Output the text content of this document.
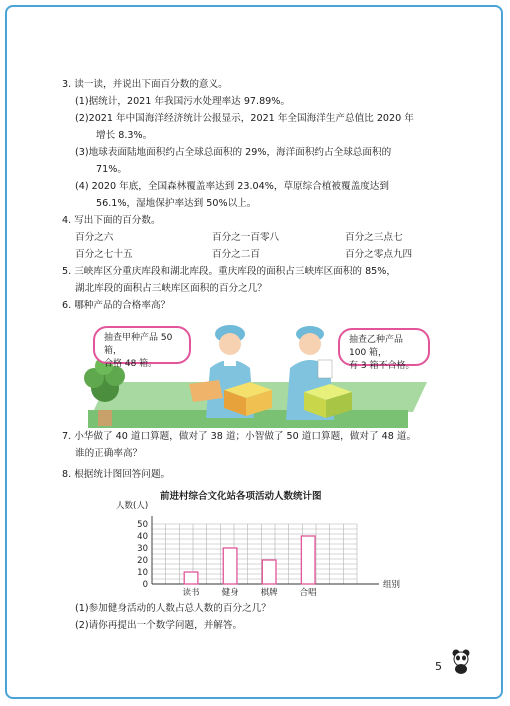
3. 读一读，并说出下面百分数的意义。
(1)据统计，2021 年我国污水处理率达 97.89%。
(2)2021 年中国海洋经济统计公报显示，2021 年全国海洋生产总值比 2020 年
增长 8.3%。
(3)地球表面陆地面积约占全球总面积的 29%，海洋面积约占全球总面积的
71%。
(4) 2020 年底，全国森林覆盖率达到 23.04%，草原综合植被覆盖度达到
56.1%，湿地保护率达到 50%以上。
4. 写出下面的百分数。
百分之六	百分之一百零八	百分之三点七
百分之七十五	百分之二百	百分之零点九四
5. 三峡库区分重庆库段和湖北库段。重庆库段的面积占三峡库区面积的 85%，
湖北库段的面积占三峡库区面积的百分之几？
6. 哪种产品的合格率高？
抽查甲种产品 50 箱，
合格 48 箱。
抽查乙种产品 100 箱，
有 3 箱不合格。
7. 小华做了 40 道口算题，做对了 38 道；小智做了 50 道口算题，做对了 48 道。
谁的正确率高？
8. 根据统计图回答问题。
前进村综合文化站各项活动人数统计图
0
10
20
30
40
50
人数(人)
组别
读书	健身	棋牌	合唱
(1)参加健身活动的人数占总人数的百分之几？
(2)请你再提出一个数学问题，并解答。
5
